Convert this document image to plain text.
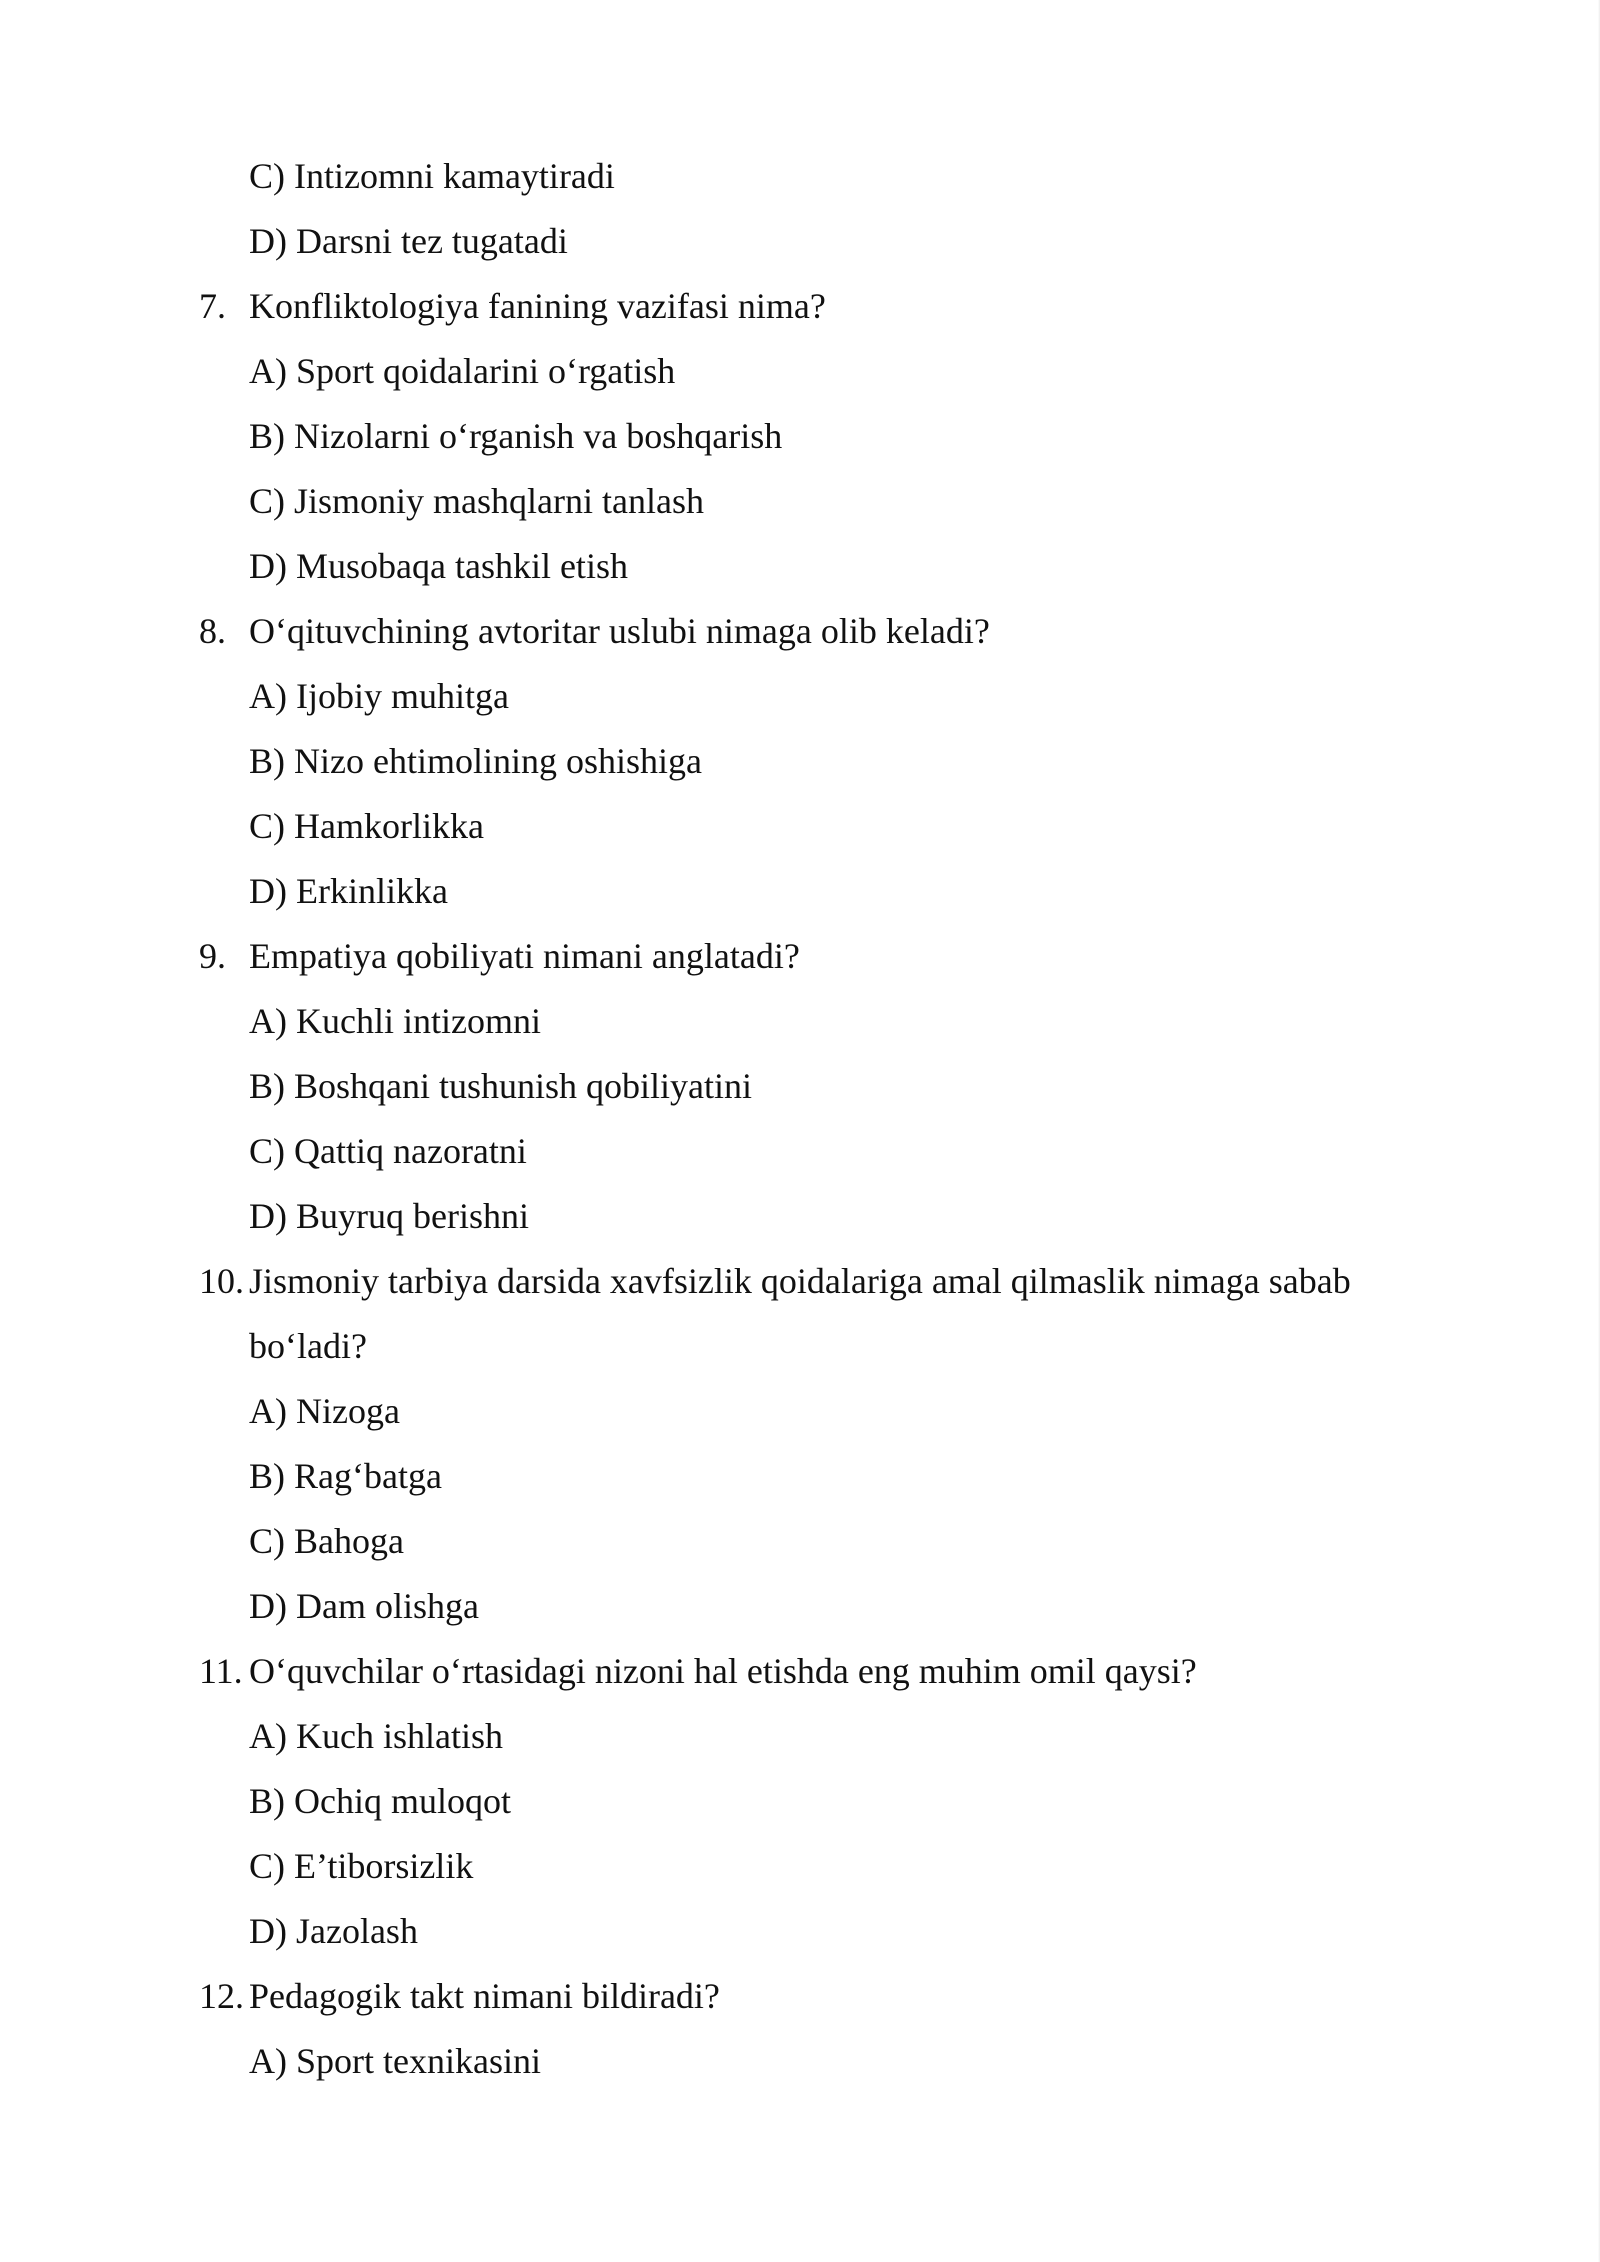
C) Intizomni kamaytiradi
D) Darsni tez tugatadi
7. Konfliktologiya fanining vazifasi nima?
A) Sport qoidalarini o‘rgatish
B) Nizolarni o‘rganish va boshqarish
C) Jismoniy mashqlarni tanlash
D) Musobaqa tashkil etish
8. O‘qituvchining avtoritar uslubi nimaga olib keladi?
A) Ijobiy muhitga
B) Nizo ehtimolining oshishiga
C) Hamkorlikka
D) Erkinlikka
9. Empatiya qobiliyati nimani anglatadi?
A) Kuchli intizomni
B) Boshqani tushunish qobiliyatini
C) Qattiq nazoratni
D) Buyruq berishni
10. Jismoniy tarbiya darsida xavfsizlik qoidalariga amal qilmaslik nimaga sabab
bo‘ladi?
A) Nizoga
B) Rag‘batga
C) Bahoga
D) Dam olishga
11. O‘quvchilar o‘rtasidagi nizoni hal etishda eng muhim omil qaysi?
A) Kuch ishlatish
B) Ochiq muloqot
C) E’tiborsizlik
D) Jazolash
12. Pedagogik takt nimani bildiradi?
A) Sport texnikasini
